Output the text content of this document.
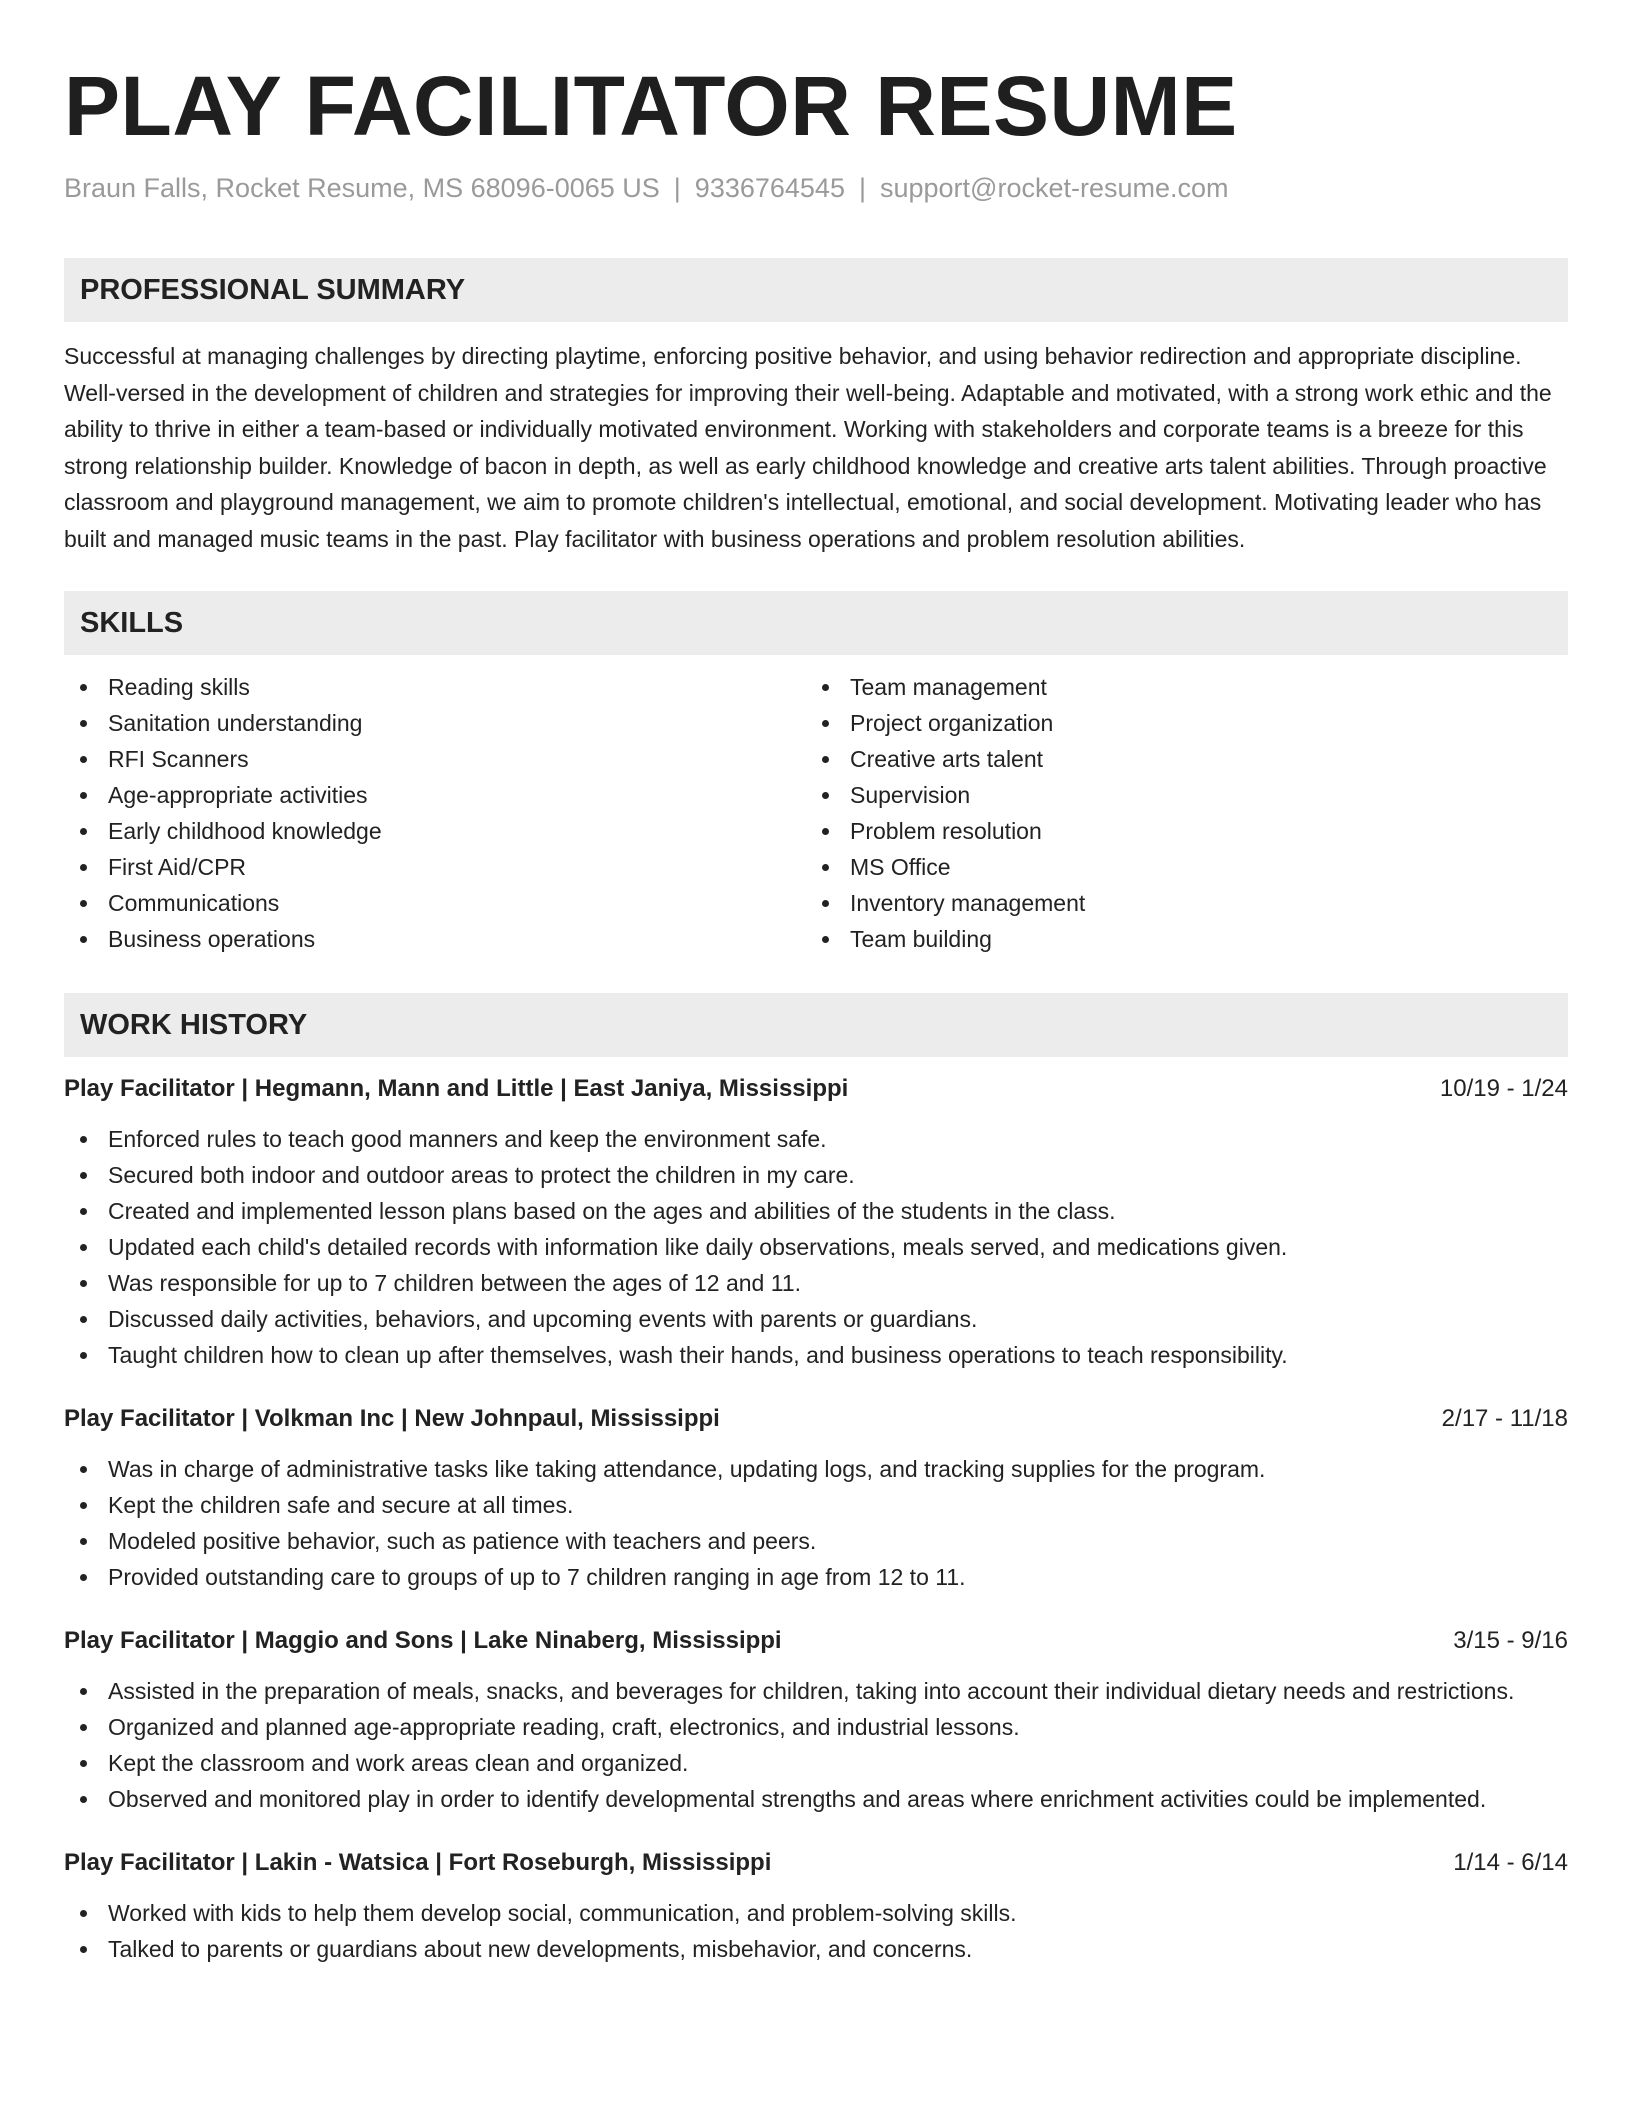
PLAY FACILITATOR RESUME
Braun Falls, Rocket Resume, MS 68096-0065 US | 9336764545 | support@rocket-resume.com
PROFESSIONAL SUMMARY
Successful at managing challenges by directing playtime, enforcing positive behavior, and using behavior redirection and appropriate discipline. Well-versed in the development of children and strategies for improving their well-being. Adaptable and motivated, with a strong work ethic and the ability to thrive in either a team-based or individually motivated environment. Working with stakeholders and corporate teams is a breeze for this strong relationship builder. Knowledge of bacon in depth, as well as early childhood knowledge and creative arts talent abilities. Through proactive classroom and playground management, we aim to promote children's intellectual, emotional, and social development. Motivating leader who has built and managed music teams in the past. Play facilitator with business operations and problem resolution abilities.
SKILLS
Reading skills
Sanitation understanding
RFI Scanners
Age-appropriate activities
Early childhood knowledge
First Aid/CPR
Communications
Business operations
Team management
Project organization
Creative arts talent
Supervision
Problem resolution
MS Office
Inventory management
Team building
WORK HISTORY
Play Facilitator | Hegmann, Mann and Little | East Janiya, Mississippi	10/19 - 1/24
Enforced rules to teach good manners and keep the environment safe.
Secured both indoor and outdoor areas to protect the children in my care.
Created and implemented lesson plans based on the ages and abilities of the students in the class.
Updated each child's detailed records with information like daily observations, meals served, and medications given.
Was responsible for up to 7 children between the ages of 12 and 11.
Discussed daily activities, behaviors, and upcoming events with parents or guardians.
Taught children how to clean up after themselves, wash their hands, and business operations to teach responsibility.
Play Facilitator | Volkman Inc | New Johnpaul, Mississippi	2/17 - 11/18
Was in charge of administrative tasks like taking attendance, updating logs, and tracking supplies for the program.
Kept the children safe and secure at all times.
Modeled positive behavior, such as patience with teachers and peers.
Provided outstanding care to groups of up to 7 children ranging in age from 12 to 11.
Play Facilitator | Maggio and Sons | Lake Ninaberg, Mississippi	3/15 - 9/16
Assisted in the preparation of meals, snacks, and beverages for children, taking into account their individual dietary needs and restrictions.
Organized and planned age-appropriate reading, craft, electronics, and industrial lessons.
Kept the classroom and work areas clean and organized.
Observed and monitored play in order to identify developmental strengths and areas where enrichment activities could be implemented.
Play Facilitator | Lakin - Watsica | Fort Roseburgh, Mississippi	1/14 - 6/14
Worked with kids to help them develop social, communication, and problem-solving skills.
Talked to parents or guardians about new developments, misbehavior, and concerns.
